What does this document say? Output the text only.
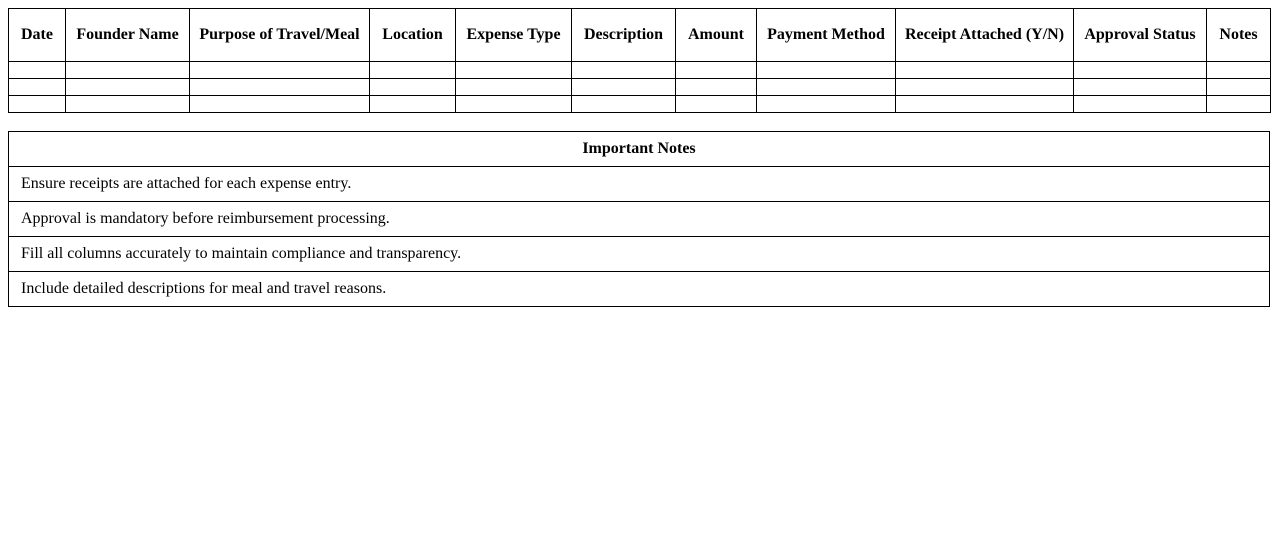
Date	Founder Name	Purpose of Travel/Meal	Location	Expense Type	Description	Amount	Payment Method	Receipt Attached (Y/N)	Approval Status	Notes

Important Notes
Ensure receipts are attached for each expense entry.
Approval is mandatory before reimbursement processing.
Fill all columns accurately to maintain compliance and transparency.
Include detailed descriptions for meal and travel reasons.
